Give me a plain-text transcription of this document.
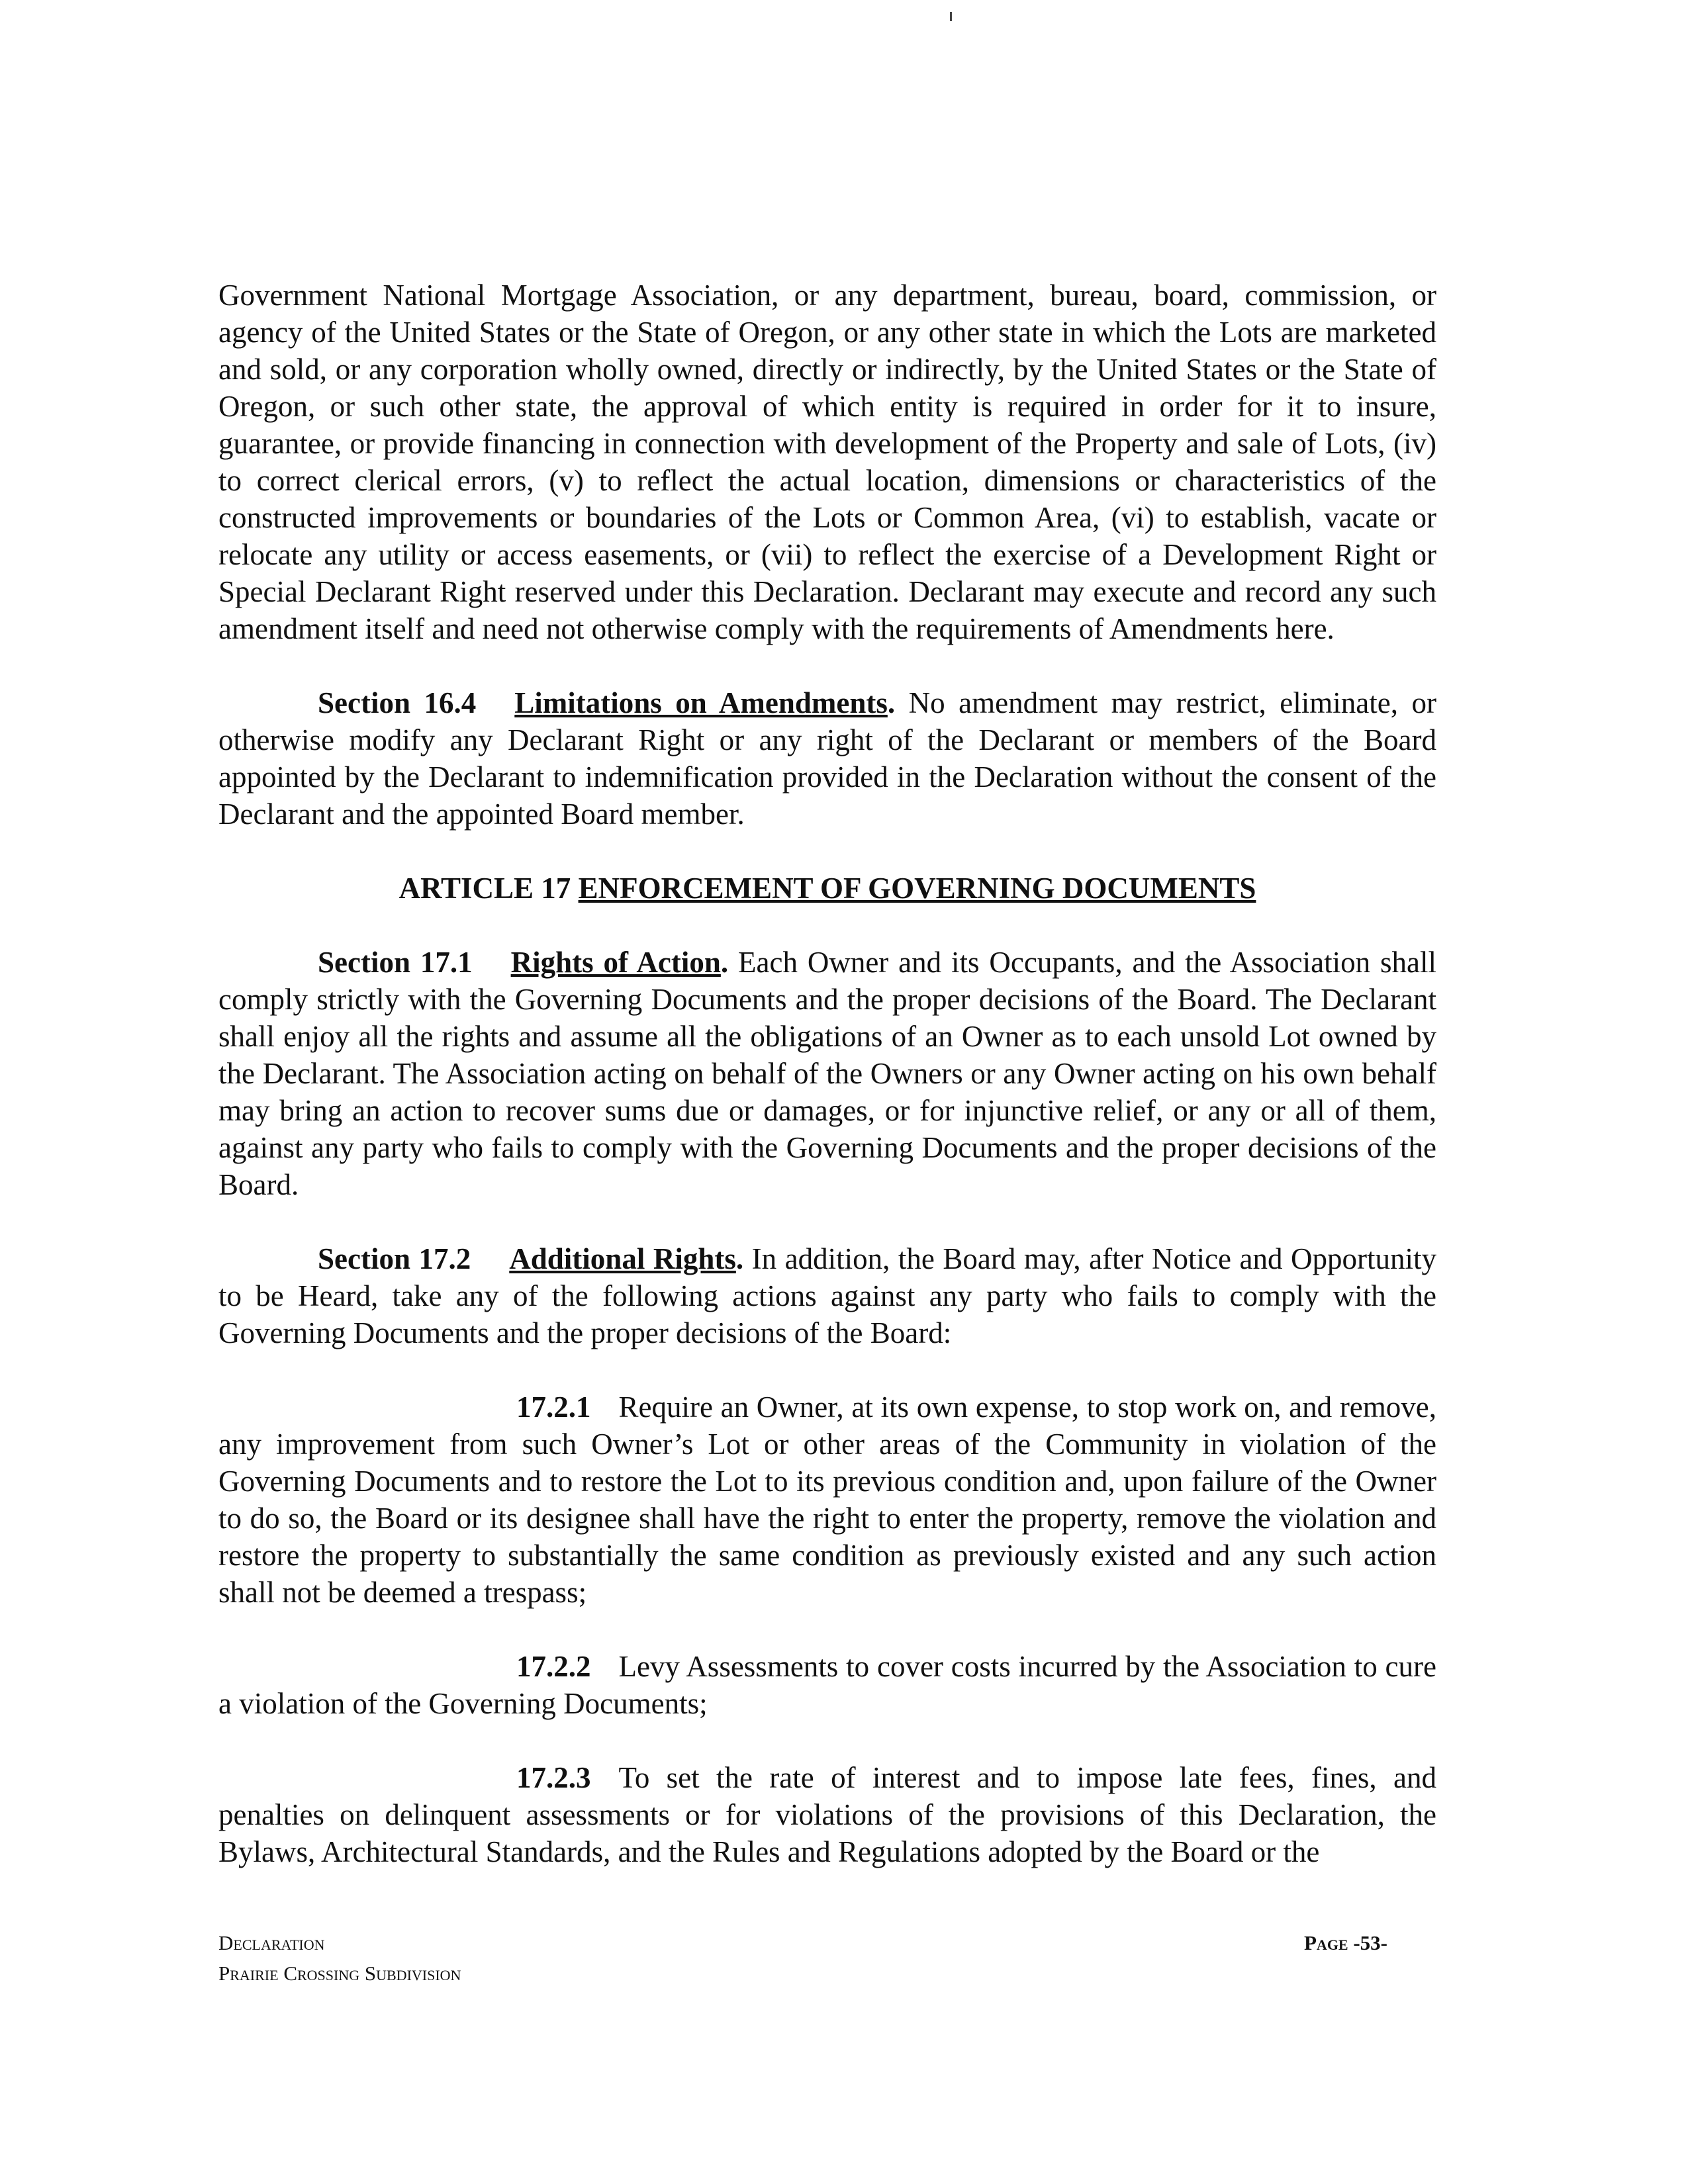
Government National Mortgage Association, or any department, bureau, board, commission, or agency of the United States or the State of Oregon, or any other state in which the Lots are marketed and sold, or any corporation wholly owned, directly or indirectly, by the United States or the State of Oregon, or such other state, the approval of which entity is required in order for it to insure, guarantee, or provide financing in connection with development of the Property and sale of Lots, (iv) to correct clerical errors, (v) to reflect the actual location, dimensions or characteristics of the constructed improvements or boundaries of the Lots or Common Area, (vi) to establish, vacate or relocate any utility or access easements, or (vii) to reflect the exercise of a Development Right or Special Declarant Right reserved under this Declaration. Declarant may execute and record any such amendment itself and need not otherwise comply with the requirements of Amendments here.

Section 16.4 Limitations on Amendments. No amendment may restrict, eliminate, or otherwise modify any Declarant Right or any right of the Declarant or members of the Board appointed by the Declarant to indemnification provided in the Declaration without the consent of the Declarant and the appointed Board member.

ARTICLE 17 ENFORCEMENT OF GOVERNING DOCUMENTS

Section 17.1 Rights of Action. Each Owner and its Occupants, and the Association shall comply strictly with the Governing Documents and the proper decisions of the Board. The Declarant shall enjoy all the rights and assume all the obligations of an Owner as to each unsold Lot owned by the Declarant. The Association acting on behalf of the Owners or any Owner acting on his own behalf may bring an action to recover sums due or damages, or for injunctive relief, or any or all of them, against any party who fails to comply with the Governing Documents and the proper decisions of the Board.

Section 17.2 Additional Rights. In addition, the Board may, after Notice and Opportunity to be Heard, take any of the following actions against any party who fails to comply with the Governing Documents and the proper decisions of the Board:

17.2.1 Require an Owner, at its own expense, to stop work on, and remove, any improvement from such Owner’s Lot or other areas of the Community in violation of the Governing Documents and to restore the Lot to its previous condition and, upon failure of the Owner to do so, the Board or its designee shall have the right to enter the property, remove the violation and restore the property to substantially the same condition as previously existed and any such action shall not be deemed a trespass;

17.2.2 Levy Assessments to cover costs incurred by the Association to cure a violation of the Governing Documents;

17.2.3 To set the rate of interest and to impose late fees, fines, and penalties on delinquent assessments or for violations of the provisions of this Declaration, the Bylaws, Architectural Standards, and the Rules and Regulations adopted by the Board or the

Declaration
Prairie Crossing Subdivision
Page -53-
